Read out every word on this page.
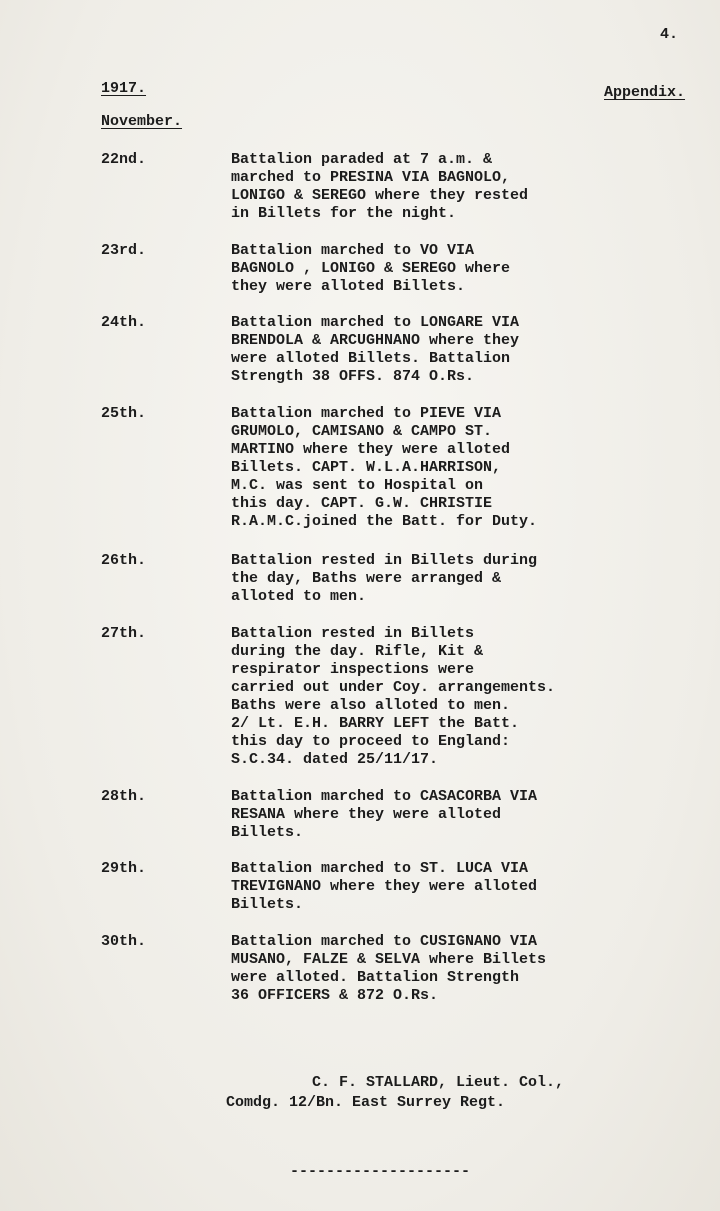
4.
1917.	Appendix.
November.
22nd.	Battalion paraded at 7 a.m. &
marched to PRESINA VIA BAGNOLO,
LONIGO & SEREGO where they rested
in Billets for the night.
23rd.	Battalion marched to VO VIA
BAGNOLO , LONIGO & SEREGO where
they were alloted Billets.
24th.	Battalion marched to LONGARE VIA
BRENDOLA & ARCUGHNANO where they
were alloted Billets. Battalion
Strength 38 OFFS. 874 O.Rs.
25th.	Battalion marched to PIEVE VIA
GRUMOLO, CAMISANO & CAMPO ST.
MARTINO where they were alloted
Billets. CAPT. W.L.A.HARRISON,
M.C. was sent to Hospital on
this day. CAPT. G.W. CHRISTIE
R.A.M.C.joined the Batt. for Duty.
26th.	Battalion rested in Billets during
the day, Baths were arranged &
alloted to men.
27th.	Battalion rested in Billets
during the day. Rifle, Kit &
respirator inspections were
carried out under Coy. arrangements.
Baths were also alloted to men.
2/ Lt. E.H. BARRY LEFT the Batt.
this day to proceed to England:
S.C.34. dated 25/11/17.
28th.	Battalion marched to CASACORBA VIA
RESANA where they were alloted
Billets.
29th.	Battalion marched to ST. LUCA VIA
TREVIGNANO where they were alloted
Billets.
30th.	Battalion marched to CUSIGNANO VIA
MUSANO, FALZE & SELVA where Billets
were alloted. Battalion Strength
36 OFFICERS & 872 O.Rs.
C. F. STALLARD, Lieut. Col.,
Comdg. 12/Bn. East Surrey Regt.
--------------------
